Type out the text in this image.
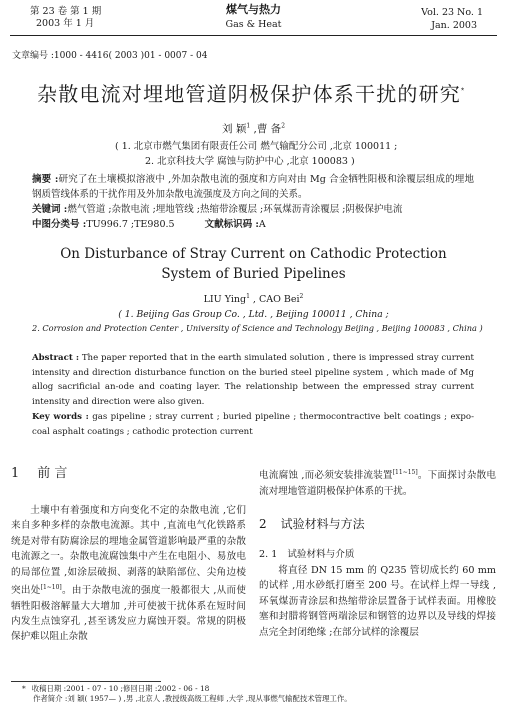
第 23 卷 第 1 期
2003 年 1 月
煤气与热力
Gas & Heat
Vol. 23 No. 1
Jan. 2003
文章编号 :1000 - 4416( 2003 )01 - 0007 - 04
杂散电流对埋地管道阴极保护体系干扰的研究*
刘 颖$^1$ ,曹 备$^2$
( 1. 北京市燃气集团有限责任公司 燃气输配分公司 ,北京 100011 ;
2. 北京科技大学 腐蚀与防护中心 ,北京 100083 )
摘要 :研究了在土壤模拟溶液中 ,外加杂散电流的强度和方向对由 Mg 合金牺牲阳极和涂覆层组成的埋地钢质管线体系的干扰作用及外加杂散电流强度及方向之间的关系。
关键词 :燃气管道 ;杂散电流 ;埋地管线 ;热缩带涂覆层 ;环氧煤沥青涂覆层 ;阴极保护电流
中图分类号 :TU996.7 ;TE980.5	文献标识码 :A
On Disturbance of Stray Current on Cathodic Protection
System of Buried Pipelines
LIU Ying$^1$ , CAO Bei$^2$
( 1. Beijing Gas Group Co. , Ltd. , Beijing 100011 , China ;
2. Corrosion and Protection Center , University of Science and Technology Beijing , Beijing 100083 , China )
Abstract : The paper reported that in the earth simulated solution , there is impressed stray current intensity and direction disturbance function on the buried steel pipeline system , which made of Mg allog sacrificial an-ode and coating layer. The relationship between the empressed stray current intensity and direction were also given.
Key words : gas pipeline ; stray current ; buried pipeline ; thermocontractive belt coatings ; expo-coal asphalt coatings ; cathodic protection current
1 前 言
土壤中有着强度和方向变化不定的杂散电流 ,它们来自多种多样的杂散电流源。其中 ,直流电气化铁路系统是对带有防腐涂层的埋地金属管道影响最严重的杂散电流源之一。杂散电流腐蚀集中产生在电阻小、易放电的局部位置 ,如涂层破损、剥落的缺陷部位、尖角边棱突出处[1~10]。由于杂散电流的强度一般都很大 ,从而使牺牲阳极溶解量大大增加 ,并可使被干扰体系在短时间内发生点蚀穿孔 ,甚至诱发应力腐蚀开裂。常规的阴极保护难以阻止杂散
电流腐蚀 ,而必须安装排流装置[11~15]。下面探讨杂散电流对埋地管道阴极保护体系的干扰。
2 试验材料与方法
2. 1 试验材料与介质
将直径 DN 15 mm 的 Q235 管切成长约 60 mm 的试样 ,用水砂纸打磨至 200 号。在试样上焊一导线 ,环氧煤沥青涂层和热缩带涂层置备于试样表面。用橡胶塞和封腊将钢管两端涂层和钢管的边界以及导线的焊接点完全封闭绝缘 ;在部分试样的涂覆层
* 收稿日期 :2001 - 07 - 10 ;修回日期 :2002 - 06 - 18
作者简介 :刘 颖( 1957— ) ,男 ,北京人 ,教授级高级工程师 ,大学 ,现从事燃气输配技术管理工作。
